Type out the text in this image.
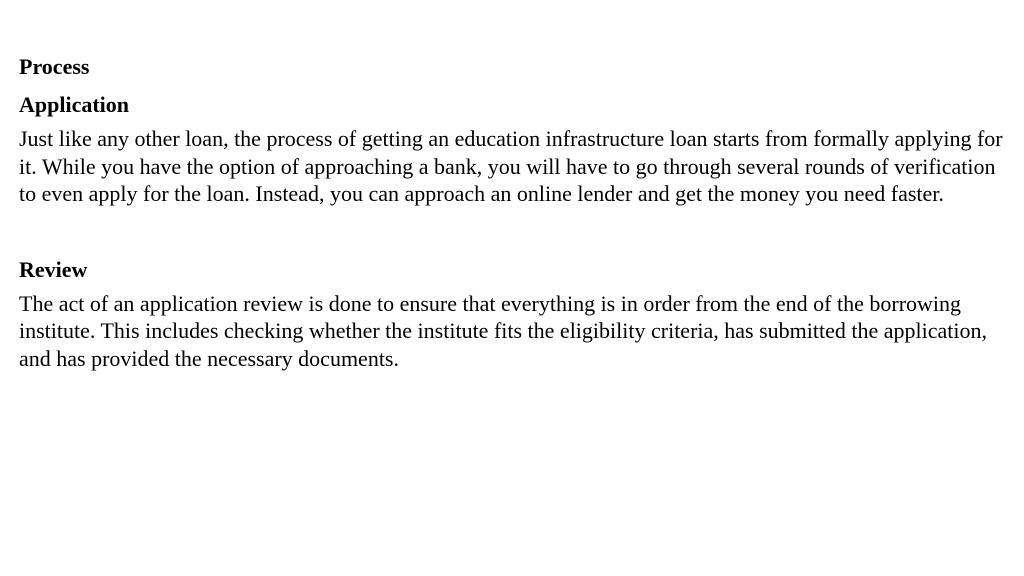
Process

Application

Just like any other loan, the process of getting an education infrastructure loan starts from formally applying for it. While you have the option of approaching a bank, you will have to go through several rounds of verification to even apply for the loan. Instead, you can approach an online lender and get the money you need faster.

Review

The act of an application review is done to ensure that everything is in order from the end of the borrowing institute. This includes checking whether the institute fits the eligibility criteria, has submitted the application, and has provided the necessary documents.
